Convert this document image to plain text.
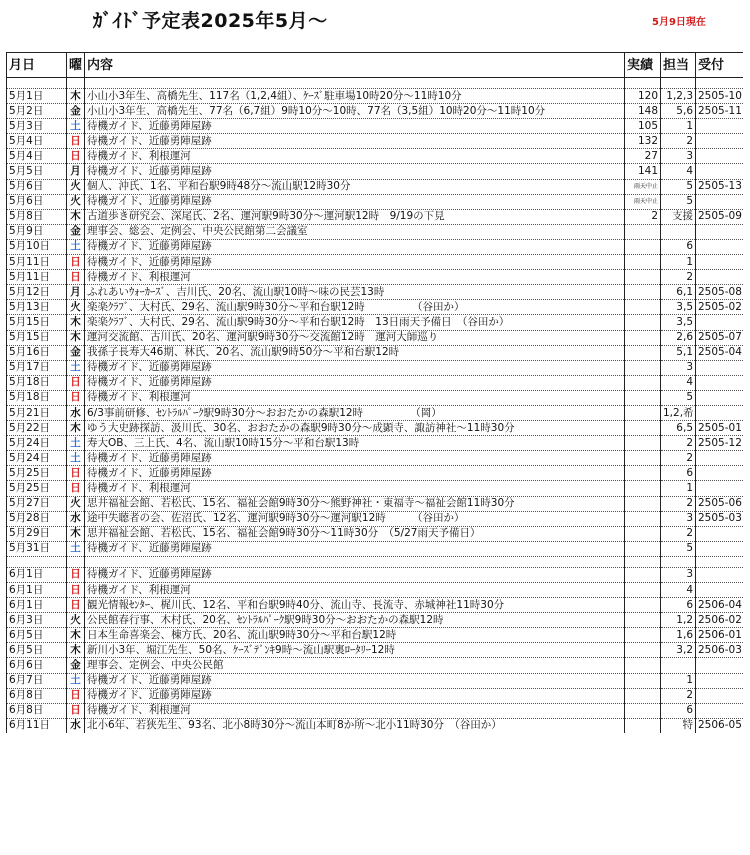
ｶﾞｲﾄﾞ予定表2025年5月～	5月9日現在
月日	曜	内容	実績	担当	受付

5月1日	木	小山小3年生、高橋先生、117名（1,2,4組）、ｹｰｽﾞ駐車場10時20分～11時10分	120	1,2,3	2505-10
5月2日	金	小山小3年生、高橋先生、77名（6,7組）9時10分～10時、77名（3,5組）10時20分～11時10分	148	5,6	2505-11
5月3日	土	待機ガイド、近藤勇陣屋跡	105	1	
5月4日	日	待機ガイド、近藤勇陣屋跡	132	2	
5月4日	日	待機ガイド、利根運河	27	3	
5月5日	月	待機ガイド、近藤勇陣屋跡	141	4	
5月6日	火	個人、沖氏、1名、平和台駅9時48分～流山駅12時30分	雨天中止	5	2505-13
5月6日	火	待機ガイド、近藤勇陣屋跡	雨天中止	5	
5月8日	木	古道歩き研究会、深尾氏、2名、運河駅9時30分～運河駅12時　9/19の下見	2	支援	2505-09
5月9日	金	理事会、総会、定例会、中央公民館第二会議室			
5月10日	土	待機ガイド、近藤勇陣屋跡		6	
5月11日	日	待機ガイド、近藤勇陣屋跡		1	
5月11日	日	待機ガイド、利根運河		2	
5月12日	月	ふれあいｳｫｰｶｰｽﾞ、吉川氏、20名、流山駅10時～味の民芸13時		6,1	2505-08
5月13日	火	楽楽ｸﾗﾌﾞ、大村氏、29名、流山駅9時30分～平和台駅12時　　　　　（谷田か）		3,5	2505-02
5月15日	木	楽楽ｸﾗﾌﾞ、大村氏、29名、流山駅9時30分～平和台駅12時　13日雨天予備日　（谷田か）		3,5	
5月15日	木	運河交流館、古川氏、20名、運河駅9時30分～交流館12時　運河大師巡り		2,6	2505-07
5月16日	金	我孫子長寿大46期、林氏、20名、流山駅9時50分～平和台駅12時		5,1	2505-04
5月17日	土	待機ガイド、近藤勇陣屋跡		3	
5月18日	日	待機ガイド、近藤勇陣屋跡		4	
5月18日	日	待機ガイド、利根運河		5	
5月21日	水	6/3事前研修、ｾﾝﾄﾗﾙﾊﾟｰｸ駅9時30分～おおたかの森駅12時　　　　　（岡）		1,2,希	
5月22日	木	ゆう大史跡探訪、汲川氏、30名、おおたかの森駅9時30分～成顕寺、諏訪神社～11時30分		6,5	2505-01
5月24日	土	寿大OB、三上氏、4名、流山駅10時15分～平和台駅13時		2	2505-12
5月24日	土	待機ガイド、近藤勇陣屋跡		2	
5月25日	日	待機ガイド、近藤勇陣屋跡		6	
5月25日	日	待機ガイド、利根運河		1	
5月27日	火	思井福祉会館、若松氏、15名、福祉会館9時30分～熊野神社・東福寺～福祉会館11時30分		2	2505-06
5月28日	水	途中失聴者の会、佐沼氏、12名、運河駅9時30分～運河駅12時　　　（谷田か）		3	2505-03
5月29日	木	思井福祉会館、若松氏、15名、福祉会館9時30分～11時30分　（5/27雨天予備日）		2	
5月31日	土	待機ガイド、近藤勇陣屋跡		5	

6月1日	日	待機ガイド、近藤勇陣屋跡		3	
6月1日	日	待機ガイド、利根運河		4	
6月1日	日	観光情報ｾﾝﾀｰ、梶川氏、12名、平和台駅9時40分、流山寺、長流寺、赤城神社11時30分		6	2506-04
6月3日	火	公民館春行事、木村氏、20名、ｾﾝﾄﾗﾙﾊﾟｰｸ駅9時30分～おおたかの森駅12時		1,2	2506-02
6月5日	木	日本生命喜楽会、棟方氏、20名、流山駅9時30分～平和台駅12時		1,6	2506-01
6月5日	木	新川小3年、堀江先生、50名、ｹｰｽﾞﾃﾞﾝｷ9時～流山駅裏ﾛｰﾀﾘｰ12時		3,2	2506-03
6月6日	金	理事会、定例会、中央公民館			
6月7日	土	待機ガイド、近藤勇陣屋跡		1	
6月8日	日	待機ガイド、近藤勇陣屋跡		2	
6月8日	日	待機ガイド、利根運河		6	
6月11日	水	北小6年、若狭先生、93名、北小8時30分～流山本町8か所～北小11時30分　（谷田か）		特	2506-05
